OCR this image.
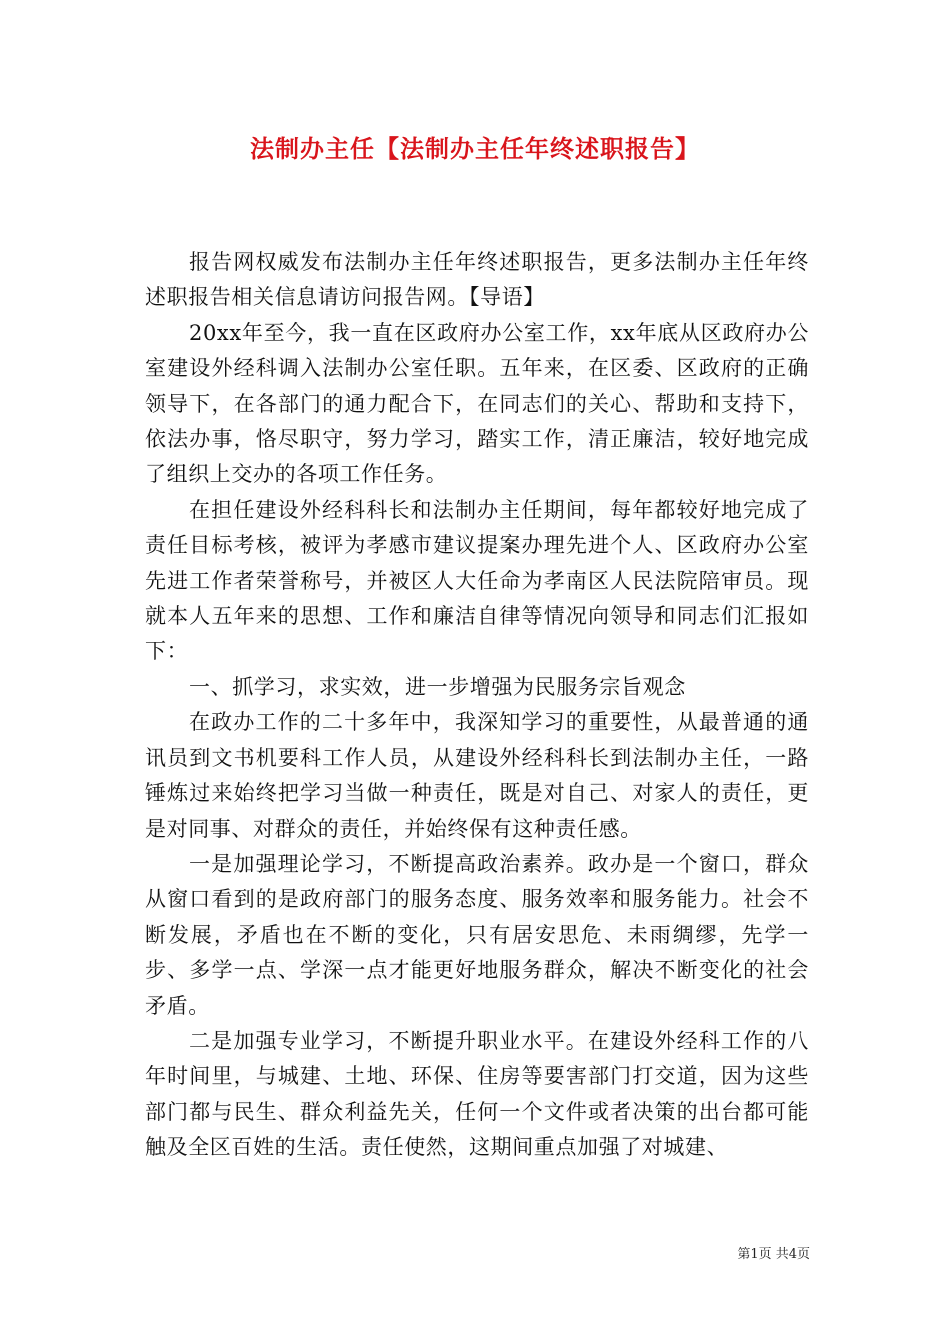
法制办主任【法制办主任年终述职报告】

报告网权威发布法制办主任年终述职报告，更多法制办主任年终述职报告相关信息请访问报告网。【导语】

20xx年至今，我一直在区政府办公室工作，xx年底从区政府办公室建设外经科调入法制办公室任职。五年来，在区委、区政府的正确领导下，在各部门的通力配合下，在同志们的关心、帮助和支持下，依法办事，恪尽职守，努力学习，踏实工作，清正廉洁，较好地完成了组织上交办的各项工作任务。

在担任建设外经科科长和法制办主任期间，每年都较好地完成了责任目标考核，被评为孝感市建议提案办理先进个人、区政府办公室先进工作者荣誉称号，并被区人大任命为孝南区人民法院陪审员。现就本人五年来的思想、工作和廉洁自律等情况向领导和同志们汇报如下：

一、抓学习，求实效，进一步增强为民服务宗旨观念

在政办工作的二十多年中，我深知学习的重要性，从最普通的通讯员到文书机要科工作人员，从建设外经科科长到法制办主任，一路锤炼过来始终把学习当做一种责任，既是对自己、对家人的责任，更是对同事、对群众的责任，并始终保有这种责任感。

一是加强理论学习，不断提高政治素养。政办是一个窗口，群众从窗口看到的是政府部门的服务态度、服务效率和服务能力。社会不断发展，矛盾也在不断的变化，只有居安思危、未雨绸缪，先学一步、多学一点、学深一点才能更好地服务群众，解决不断变化的社会矛盾。

二是加强专业学习，不断提升职业水平。在建设外经科工作的八年时间里，与城建、土地、环保、住房等要害部门打交道，因为这些部门都与民生、群众利益先关，任何一个文件或者决策的出台都可能触及全区百姓的生活。责任使然，这期间重点加强了对城建、

第1页 共4页
